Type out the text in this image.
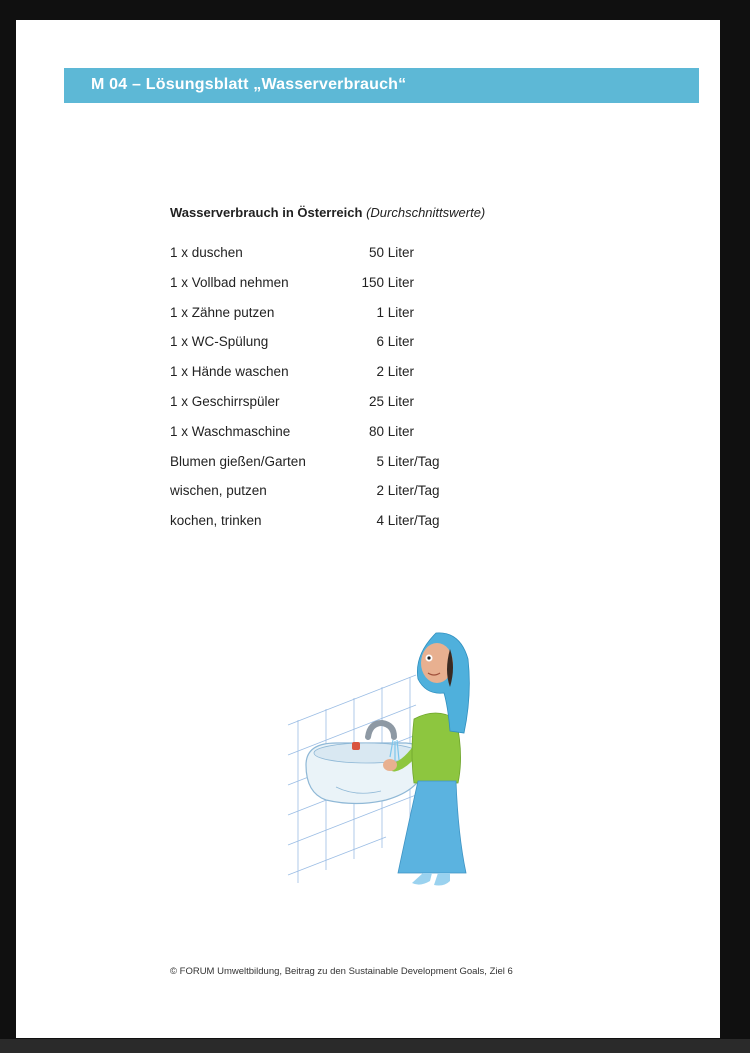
M 04 – Lösungsblatt „Wasserverbrauch“
Wasserverbrauch in Österreich (Durchschnittswerte)
1 x duschen	50 Liter
1 x Vollbad nehmen	150 Liter
1 x Zähne putzen	1 Liter
1 x WC-Spülung	6 Liter
1 x Hände waschen	2 Liter
1 x Geschirrspüler	25 Liter
1 x Waschmaschine	80 Liter
Blumen gießen/Garten	5 Liter/Tag
wischen, putzen	2 Liter/Tag
kochen, trinken	4 Liter/Tag
© FORUM Umweltbildung, Beitrag zu den Sustainable Development Goals, Ziel 6
